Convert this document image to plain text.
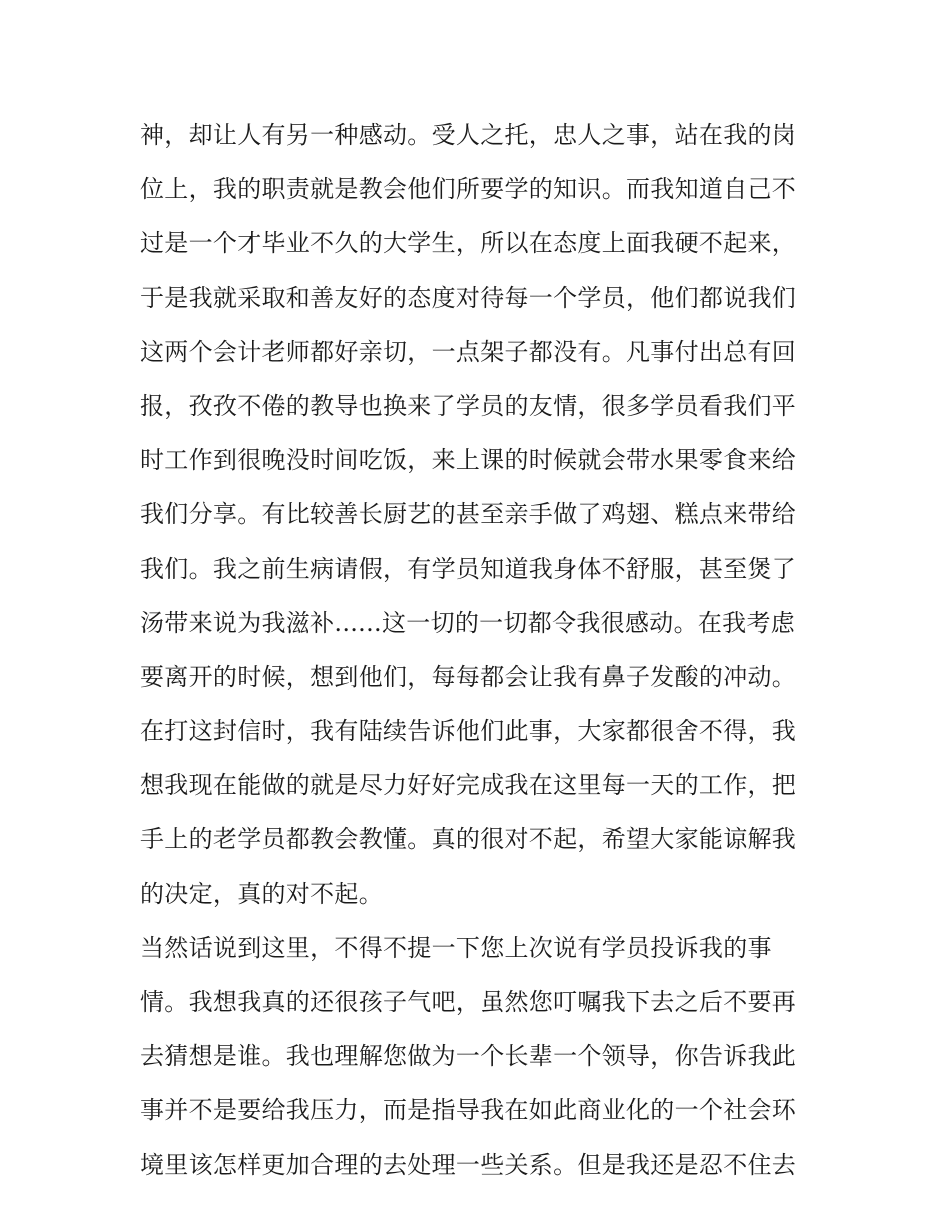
神，却让人有另一种感动。受人之托，忠人之事，站在我的岗
位上，我的职责就是教会他们所要学的知识。而我知道自己不
过是一个才毕业不久的大学生，所以在态度上面我硬不起来，
于是我就采取和善友好的态度对待每一个学员，他们都说我们
这两个会计老师都好亲切，一点架子都没有。凡事付出总有回
报，孜孜不倦的教导也换来了学员的友情，很多学员看我们平
时工作到很晚没时间吃饭，来上课的时候就会带水果零食来给
我们分享。有比较善长厨艺的甚至亲手做了鸡翅、糕点来带给
我们。我之前生病请假，有学员知道我身体不舒服，甚至煲了
汤带来说为我滋补......这一切的一切都令我很感动。在我考虑
要离开的时候，想到他们，每每都会让我有鼻子发酸的冲动。
在打这封信时，我有陆续告诉他们此事，大家都很舍不得，我
想我现在能做的就是尽力好好完成我在这里每一天的工作，把
手上的老学员都教会教懂。真的很对不起，希望大家能谅解我
的决定，真的对不起。
当然话说到这里，不得不提一下您上次说有学员投诉我的事
情。我想我真的还很孩子气吧，虽然您叮嘱我下去之后不要再
去猜想是谁。我也理解您做为一个长辈一个领导，你告诉我此
事并不是要给我压力，而是指导我在如此商业化的一个社会环
境里该怎样更加合理的去处理一些关系。但是我还是忍不住去
